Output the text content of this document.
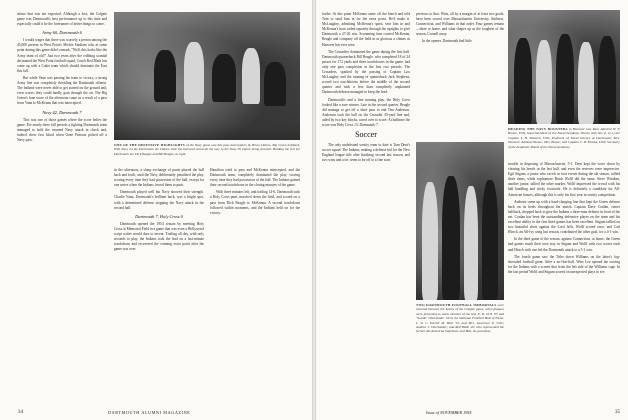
stitute that was not expected. Although a loss, the Colgate game was Dartmouth's best performance up to this time and especially could it be the forerunner of better things to come.

Army 60, Dartmouth 6

I would wager that there was scarcely a person among the 45,000 present in West Point's Michie Stadium who at some point during this game didn't remark, "Well, this looks like the Army team of old!" Just two years after the cribbing scandal decimated the West Point football squad, Coach Red Blaik has come up with a Cadet team which should dominate the East this fall.

But while Vann was passing his team to victory, a strong Army line was completely throttling the Dartmouth offense. The Indians were never able to get started on the ground and, even worse, they could hardly gain through the air. The Big Green's lone score of the afternoon came as a result of a pass from Vann to McKenna that was intercepted.

Navy 42, Dartmouth 7

This was one of those games where the score belies the game. For nearly three full periods a fighting Dartmouth team managed to hold the vaunted Navy attack in check and, indeed, drew first blood when Gene Pearson picked off a Navy pass.

ONE OF THE DEFENSIVE HIGHLIGHTS of the Navy game was this pass interception by Bruce Dalton, Big Green halfback. With Navy on the Dartmouth 40, Dalton stole the ball and raced all the way to the Navy 30 before being downed. Holding the fort for Dartmouth are Dick Beagle and Bill Beagle, at right.

in the afternoon; a sharp exchange of punts played the ball back and forth, until the Navy deliberately penalized the play, scoring every time they had possession of the ball, except for one series when the Indians forced them to punt.

Dartmouth played well but Navy showed their strength. Charlie Vann, Dartmouth's brilliant back, was a bright spot, with a determined defense stopping the Navy attack in the second half.

Dartmouth 7, Holy Cross 0

Dartmouth opened the 1954 season by meeting Holy Cross at Memorial Field in a game that was even a Hollywood script writer would dare to invent. Trailing all day, with only seconds to play, the Indians took the lead on a last-minute touchdown and recovered the winning extra point after the game was over.

Hamilton tried to pass and McKenna intercepted, and the Dartmouth team, completely dominated the play, scoring every time they had possession of the ball. The Indians gained their second touchdown in the closing minutes of the game.

With three minutes left, and trailing 14-0, Dartmouth took a Holy Cross punt, marched down the field, and scored on a pass from Dick Beagle to McKenna. A second touchdown followed within moments, and the Indians held on for the victory.

34	DARTMOUTH ALUMNI MAGAZINE

forthe. At this point McKenna came off the bench and told Tom to send him in for the extra point. He'd make it. McLaughry, admitting McKenna's spirit, sent him in and McKenna's boot sailed squarely through the uprights to give Dartmouth a 27-26 win. Screaming fans carried McKenna, Beagle and company off the field in as glorious a climax as Hanover has ever seen.

The Crusaders dominated the game during the first half. Dartmouth quarterback Bill Beagle, who completed 18 of 24 passes for 172 yards and three touchdowns in the game, had only one pass completion in the first two periods. The Crusaders, sparked by the passing of Captain Lou McLaughry and the running of quarterback Jack Stephens, scored two touchdowns before the middle of the second quarter and with a less than completely unplanned Dartmouth defense managed to keep the lead.

Dartmouth's and a fine running play, the Holy Cross looked like a sure winner. Late in the second quarter, Beagle did manage to get off a short pass to end Tim Anderson. Anderson took the ball on the Crusader 45-yard line and, aided by two key blocks, raced over to score. At halftime the score was Holy Cross 13, Dartmouth 7.

Soccer

The only undefeated varsity team to date is Tom Dent's soccer squad. The Indians, making a defense bid for the New England league title after finishing second last season, and two wins and a tie, seem to be off to a fine start.

previous to that. Wins, all by a margin of at least two goals, have been scored over Massachusetts University, Amherst, Connecticut, and Williams in that order. Four games remain—three at home, and what shapes up as the toughest of the season, Cornell away.

In the opener, Dartmouth had little

HEADING THE NAVY BOOSTERS in Hanover was Rear Admiral W. F. Boone, USN, Superintendent of the Naval Academy. Shown with him (l. to r.) are Captain T. H. Tomsich, USN, Professor of Naval Science at Dartmouth; Mrs. Tomsich; Admiral Boone; Mrs. Boone; and Captain C. B. Brooks, USN, Secretary of the Academic Board of the Naval Academy.
TWO DARTMOUTH FOOTBALL IMMORTALS were honored between the halves of the Colgate game, when plaques were presented to mark election of the late E. R. Orth '03 and "Swede" Oberlander '26 to the National Football Hall of Fame. L. to r.: Everett M. Hall '13, and Mrs. Lawrence E. Orth; Andrew J. Oberlander; and Red Blaik '20, who represented the former All-American half-back, and Bob, his grandson.

trouble in disposing of Massachusetts, 5-1. Dent kept the score down by clearing his bench in the last half, and even the reserves were impressive. Egil Stigum, a junior who excels in four events during the ski season, tallied three times, while sophomore Butch Wolff did the same. Steve Windom, another junior, tallied the other marker. Wolff impressed the crowd with his ball handling and tricky footwork. He is definitely a candidate for All-American honors, although this is only his first year in varsity competition.

Amherst came up with a hard-charging line that kept the Green defense back on its heels throughout the match. Captain Dave Conlan, center halfback, dropped back to give the Indians a three-man defense in front of the net. Conlan has been the outstanding defensive player on the team and his excellent ability in the first three games has been excellent. Stigum tallied on two beautiful shots against the Lord Jeffs, Wolff scored once, and Carl Hirsch, an All-Ivy wing last season, contributed the other goal, for a 4-1 win.

In the third game of the season, against Connecticut, at home, the Green had games much their own way in Stigum and Wolff with two scores each and Hirsch with one led the Dartmouth attack to a 5-1 win.

The fourth game saw the Tribe down Williams on the latter's fog-shrouded football grant. After a no-first-half. Wins Lee opened the scoring for the Indians with a screen shot from the left side of the Williams cage. In the last period Wolff and Stigum scored on unexpected plays to see

Issue of NOVEMBER 1954	35
